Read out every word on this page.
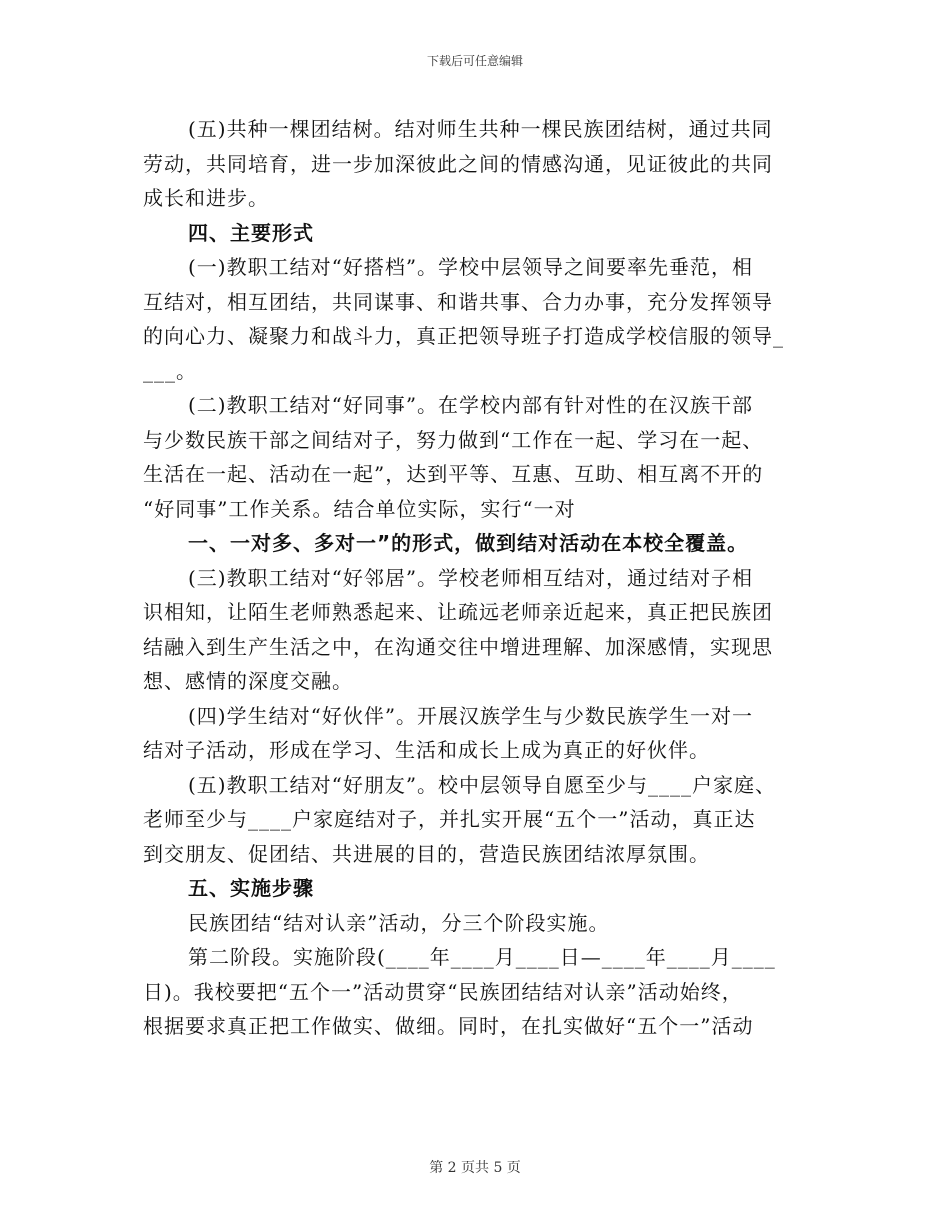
下载后可任意编辑
(五)共种一棵团结树。结对师生共种一棵民族团结树，通过共同
劳动，共同培育，进一步加深彼此之间的情感沟通，见证彼此的共同
成长和进步。
四、主要形式
(一)教职工结对“好搭档”。学校中层领导之间要率先垂范，相
互结对，相互团结，共同谋事、和谐共事、合力办事，充分发挥领导
的向心力、凝聚力和战斗力，真正把领导班子打造成学校信服的领导_
___。
(二)教职工结对“好同事”。在学校内部有针对性的在汉族干部
与少数民族干部之间结对子，努力做到“工作在一起、学习在一起、
生活在一起、活动在一起”，达到平等、互惠、互助、相互离不开的
“好同事”工作关系。结合单位实际，实行“一对
一、一对多、多对一”的形式，做到结对活动在本校全覆盖。
(三)教职工结对“好邻居”。学校老师相互结对，通过结对子相
识相知，让陌生老师熟悉起来、让疏远老师亲近起来，真正把民族团
结融入到生产生活之中，在沟通交往中增进理解、加深感情，实现思
想、感情的深度交融。
(四)学生结对“好伙伴”。开展汉族学生与少数民族学生一对一
结对子活动，形成在学习、生活和成长上成为真正的好伙伴。
(五)教职工结对“好朋友”。校中层领导自愿至少与____户家庭、
老师至少与____户家庭结对子，并扎实开展“五个一”活动，真正达
到交朋友、促团结、共进展的目的，营造民族团结浓厚氛围。
五、实施步骤
民族团结“结对认亲”活动，分三个阶段实施。
第二阶段。实施阶段(____年____月____日—____年____月____
日)。我校要把“五个一”活动贯穿“民族团结结对认亲”活动始终，
根据要求真正把工作做实、做细。同时，在扎实做好“五个一”活动
第 2 页共 5 页
